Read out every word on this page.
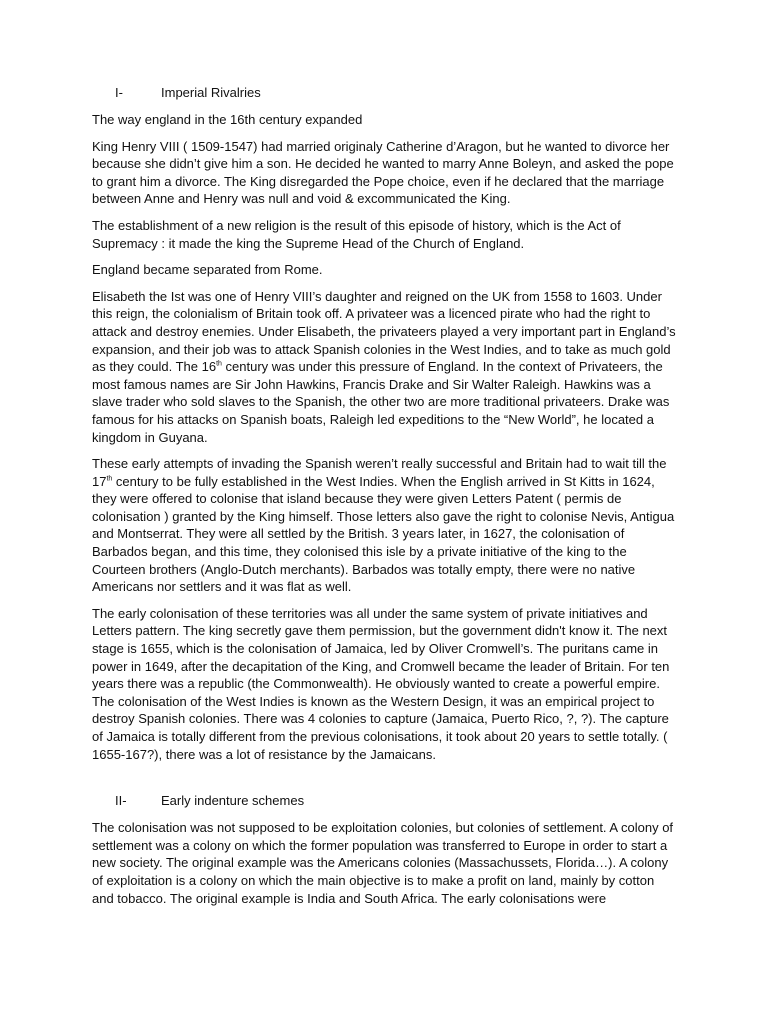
I-	Imperial Rivalries

The way england in the 16th century expanded

King Henry VIII ( 1509-1547) had married originaly Catherine d’Aragon, but he wanted to divorce her because she didn’t give him a son. He decided he wanted to marry Anne Boleyn, and asked the pope to grant him a divorce. The King disregarded the Pope choice, even if he declared that the marriage between Anne and Henry was null and void & excommunicated the King.

The establishment of a new religion is the result of this episode of history, which is the Act of Supremacy : it made the king the Supreme Head of the Church of England.

England became separated from Rome.

Elisabeth the Ist was one of Henry VIII’s daughter and reigned on the UK from 1558 to 1603. Under this reign, the colonialism of Britain took off. A privateer was a licenced pirate who had the right to attack and destroy enemies. Under Elisabeth, the privateers played a very important part in England’s expansion, and their job was to attack Spanish colonies in the West Indies, and to take as much gold as they could. The 16th century was under this pressure of England. In the context of Privateers, the most famous names are Sir John Hawkins, Francis Drake and Sir Walter Raleigh. Hawkins was a slave trader who sold slaves to the Spanish, the other two are more traditional privateers. Drake was famous for his attacks on Spanish boats, Raleigh led expeditions to the “New World”, he located a kingdom in Guyana.

These early attempts of invading the Spanish weren’t really successful and Britain had to wait till the 17th century to be fully established in the West Indies. When the English arrived in St Kitts in 1624, they were offered to colonise that island because they were given Letters Patent ( permis de colonisation ) granted by the King himself. Those letters also gave the right to colonise Nevis, Antigua and Montserrat. They were all settled by the British. 3 years later, in 1627, the colonisation of Barbados began, and this time, they colonised this isle by a private initiative of the king to the Courteen brothers (Anglo-Dutch merchants). Barbados was totally empty, there were no native Americans nor settlers and it was flat as well.

The early colonisation of these territories was all under the same system of private initiatives and Letters pattern. The king secretly gave them permission, but the government didn't know it. The next stage is 1655, which is the colonisation of Jamaica, led by Oliver Cromwell’s. The puritans came in power in 1649, after the decapitation of the King, and Cromwell became the leader of Britain. For ten years there was a republic (the Commonwealth). He obviously wanted to create a powerful empire. The colonisation of the West Indies is known as the Western Design, it was an empirical project to destroy Spanish colonies. There was 4 colonies to capture (Jamaica, Puerto Rico, ?, ?). The capture of Jamaica is totally different from the previous colonisations, it took about 20 years to settle totally. ( 1655-167?), there was a lot of resistance by the Jamaicans.

II-	Early indenture schemes

The colonisation was not supposed to be exploitation colonies, but colonies of settlement. A colony of settlement was a colony on which the former population was transferred to Europe in order to start a new society. The original example was the Americans colonies (Massachussets, Florida…). A colony of exploitation is a colony on which the main objective is to make a profit on land, mainly by cotton and tobacco. The original example is India and South Africa. The early colonisations were
